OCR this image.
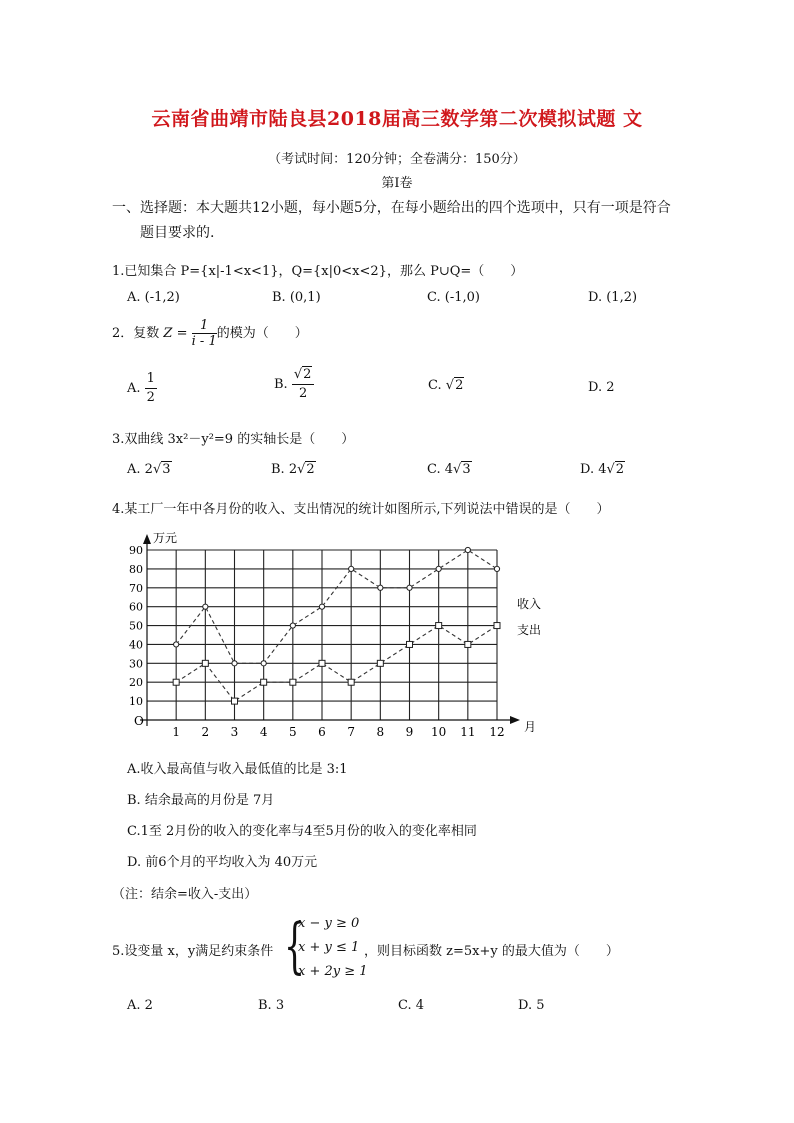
云南省曲靖市陆良县2018届高三数学第二次模拟试题 文
（考试时间：120分钟；全卷满分：150分）
第Ⅰ卷
一、选择题：本大题共12小题，每小题5分，在每小题给出的四个选项中，只有一项是符合
题目要求的.
1.已知集合 P={x|-1<x<1}，Q={x|0<x<2}，那么 P∪Q=（　　）
A. (-1,2)	B. (0,1)	C. (-1,0)	D. (1,2)
2．复数 $Z = \frac{1}{i - 1}$ 的模为（　　）
A. $\frac{1}{2}$	B. $\frac{√2}{2}$	C. √2	D. 2
3.双曲线 3x²－y²=9 的实轴长是（　　）
A. 2√3	B. 2√2	C. 4√3	D. 4√2
4.某工厂一年中各月份的收入、支出情况的统计如图所示,下列说法中错误的是（　　）
万元
月
O
10
20
30
40
50
60
70
80
90
1 2 3 4 5 6 7 8 9 10 11 12
收入
支出
A.收入最高值与收入最低值的比是 3:1
B. 结余最高的月份是 7月
C.1至 2月份的收入的变化率与4至5月份的收入的变化率相同
D. 前6个月的平均收入为 40万元
（注：结余=收入-支出）
5.设变量 x，y满足约束条件 {
x − y ≥ 0
x + y ≤ 1
x + 2y ≥ 1
，则目标函数 z=5x+y 的最大值为（　　）
A. 2	B. 3	C. 4	D. 5
